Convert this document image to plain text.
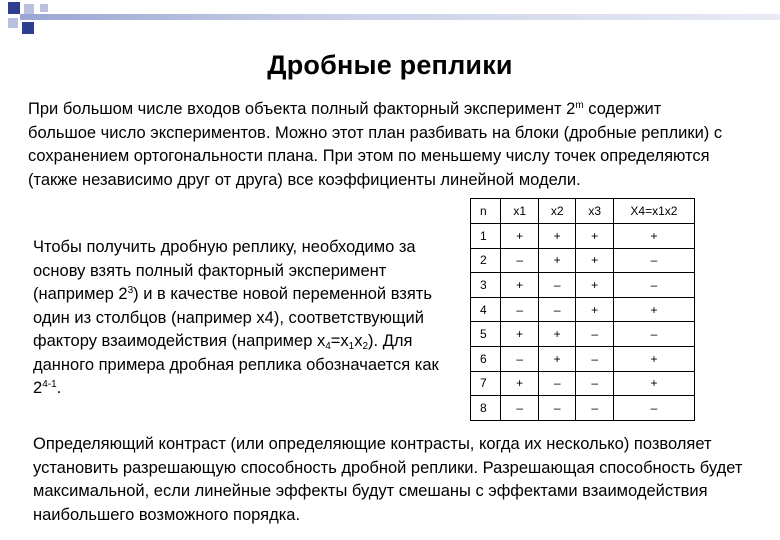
Дробные реплики

При большом числе входов объекта полный факторный эксперимент 2$^m$ содержит большое число экспериментов. Можно этот план разбивать на блоки (дробные реплики) с сохранением ортогональности плана. При этом по меньшему числу точек определяются (также независимо друг от друга) все коэффициенты линейной модели.

Чтобы получить дробную реплику, необходимо за основу взять полный факторный эксперимент (например $2^3$) и в качестве новой переменной взять один из столбцов (например x4), соответствующий фактору взаимодействия (например $x_4=x_1x_2$). Для данного примера дробная реплика обозначается как 2$^{4-1}$.

n	x1	x2	x3	X4=x1x2
1	+	+	+	+
2	–	+	+	–
3	+	–	+	–
4	–	–	+	+
5	+	+	–	–
6	–	+	–	+
7	+	–	–	+
8	–	–	–	–

Определяющий контраст (или определяющие контрасты, когда их несколько) позволяет установить разрешающую способность дробной реплики. Разрешающая способность будет максимальной, если линейные эффекты будут смешаны с эффектами взаимодействия наибольшего возможного порядка.
